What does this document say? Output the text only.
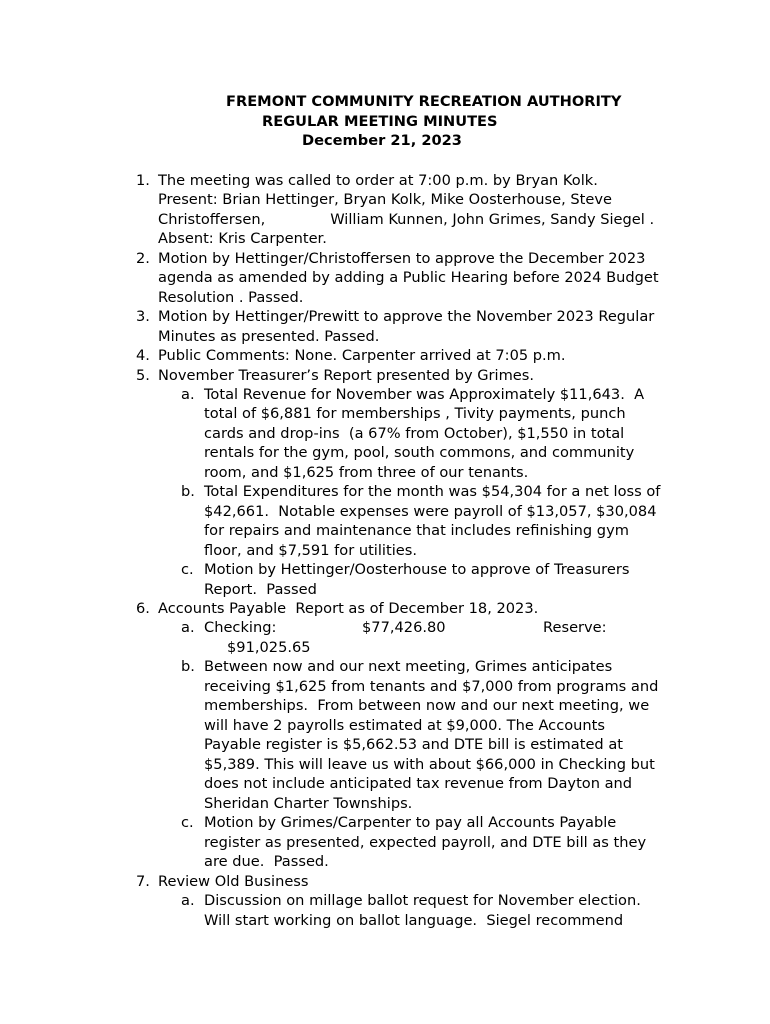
FREMONT COMMUNITY RECREATION AUTHORITY
REGULAR MEETING MINUTES
December 21, 2023
1. The meeting was called to order at 7:00 p.m. by Bryan Kolk.
Present: Brian Hettinger, Bryan Kolk, Mike Oosterhouse, Steve
Christoffersen,              William Kunnen, John Grimes, Sandy Siegel .
Absent: Kris Carpenter.
2. Motion by Hettinger/Christoffersen to approve the December 2023
agenda as amended by adding a Public Hearing before 2024 Budget
Resolution . Passed.
3. Motion by Hettinger/Prewitt to approve the November 2023 Regular
Minutes as presented. Passed.
4. Public Comments: None. Carpenter arrived at 7:05 p.m.
5. November Treasurer’s Report presented by Grimes.
a. Total Revenue for November was Approximately $11,643.  A
total of $6,881 for memberships , Tivity payments, punch
cards and drop-ins  (a 67% from October), $1,550 in total
rentals for the gym, pool, south commons, and community
room, and $1,625 from three of our tenants.
b. Total Expenditures for the month was $54,304 for a net loss of
$42,661.  Notable expenses were payroll of $13,057, $30,084
for repairs and maintenance that includes refinishing gym
floor, and $7,591 for utilities.
c. Motion by Hettinger/Oosterhouse to approve of Treasurers
Report.  Passed
6. Accounts Payable  Report as of December 18, 2023.
a. Checking:	$77,426.80	Reserve:
$91,025.65
b. Between now and our next meeting, Grimes anticipates
receiving $1,625 from tenants and $7,000 from programs and
memberships.  From between now and our next meeting, we
will have 2 payrolls estimated at $9,000. The Accounts
Payable register is $5,662.53 and DTE bill is estimated at
$5,389. This will leave us with about $66,000 in Checking but
does not include anticipated tax revenue from Dayton and
Sheridan Charter Townships.
c. Motion by Grimes/Carpenter to pay all Accounts Payable
register as presented, expected payroll, and DTE bill as they
are due.  Passed.
7. Review Old Business
a. Discussion on millage ballot request for November election.
Will start working on ballot language.  Siegel recommend
